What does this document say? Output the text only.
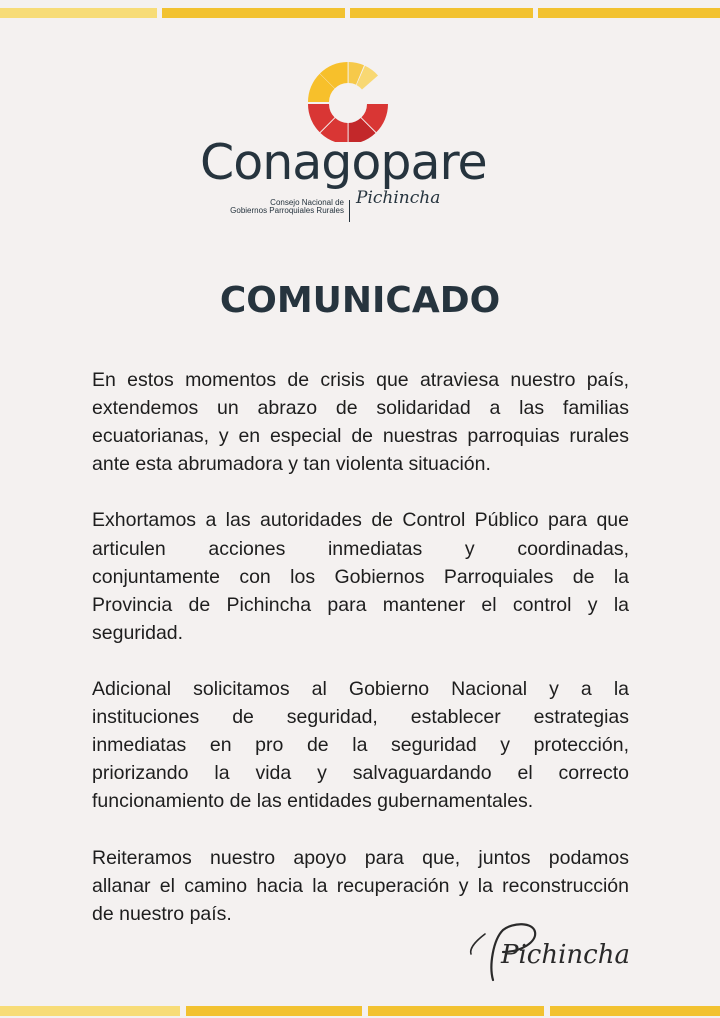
Conagopare
Consejo Nacional de
Gobiernos Parroquiales Rurales
Pichincha
COMUNICADO

En estos momentos de crisis que atraviesa nuestro país,
extendemos un abrazo de solidaridad a las familias
ecuatorianas, y en especial de nuestras parroquias rurales
ante esta abrumadora y tan violenta situación.

Exhortamos a las autoridades de Control Público para que
articulen acciones inmediatas y coordinadas,
conjuntamente con los Gobiernos Parroquiales de la
Provincia de Pichincha para mantener el control y la
seguridad.

Adicional solicitamos al Gobierno Nacional y a la
instituciones de seguridad, establecer estrategias
inmediatas en pro de la seguridad y protección,
priorizando la vida y salvaguardando el correcto
funcionamiento de las entidades gubernamentales.

Reiteramos nuestro apoyo para que, juntos podamos
allanar el camino hacia la recuperación y la reconstrucción
de nuestro país.

Pichincha
